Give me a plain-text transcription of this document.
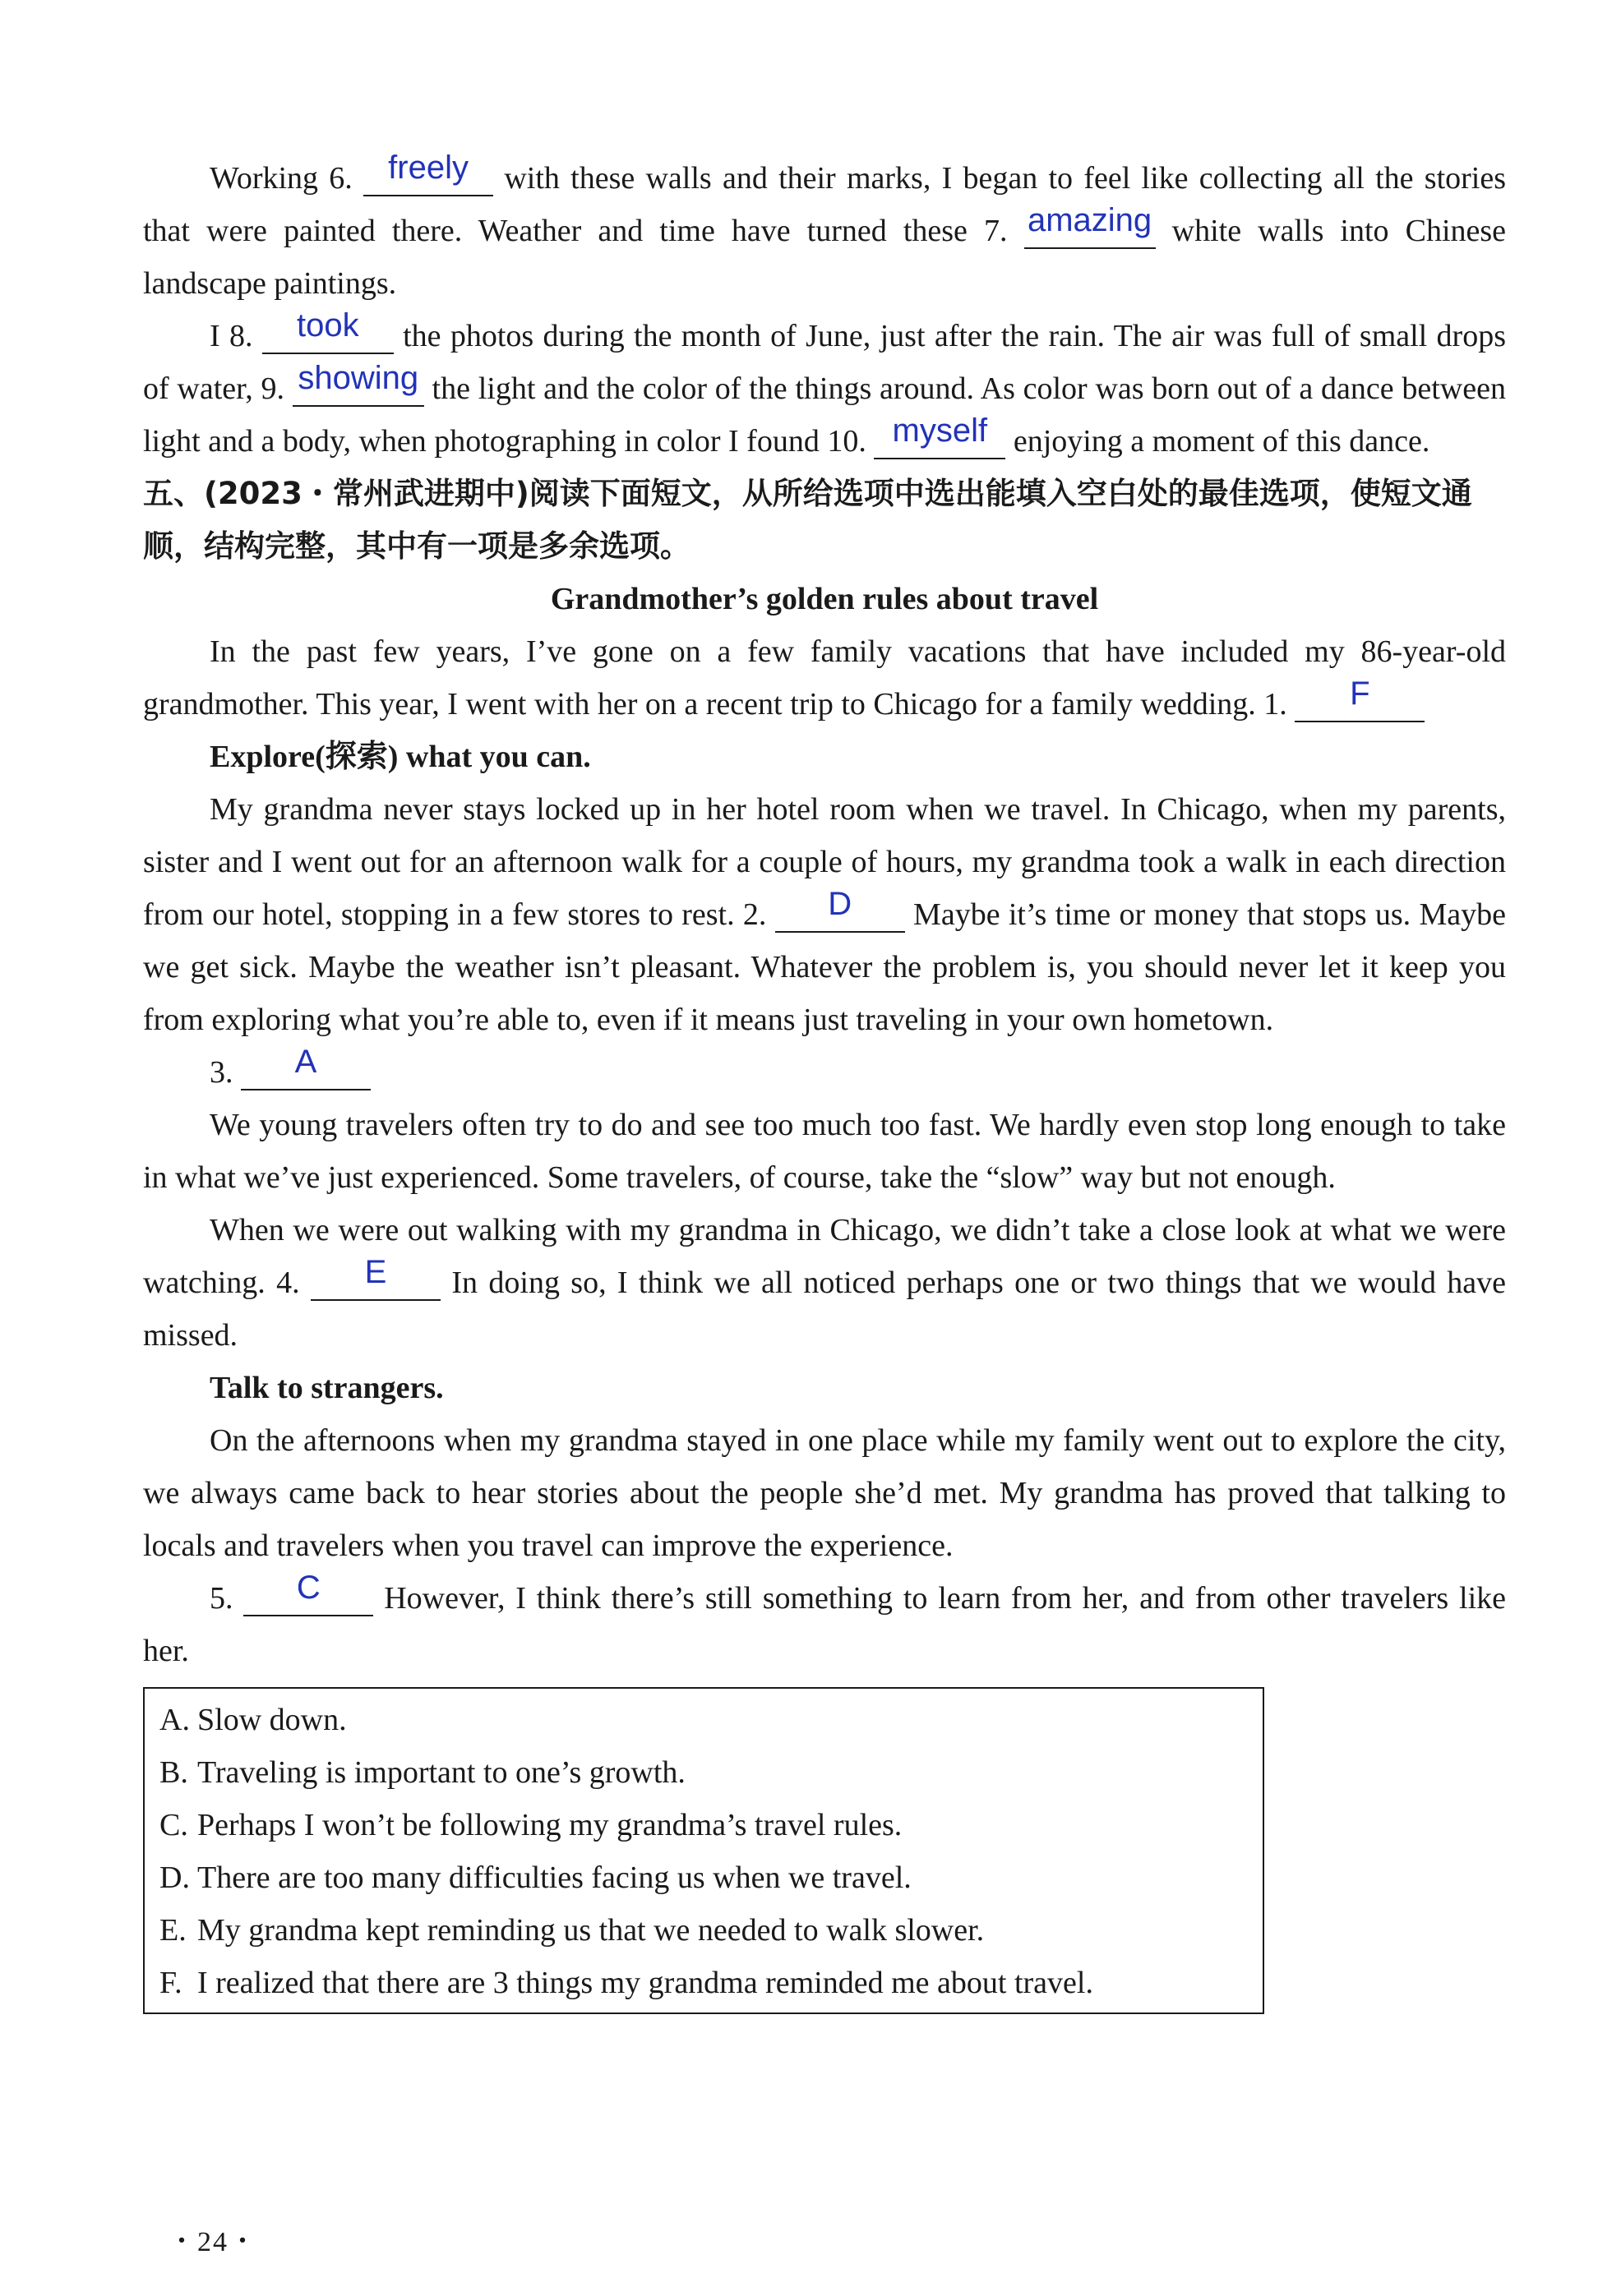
Working 6. freely with these walls and their marks, I began to feel like collecting all the stories that were painted there. Weather and time have turned these 7. amazing white walls into Chinese landscape paintings.

I 8. took the photos during the month of June, just after the rain. The air was full of small drops of water, 9. showing the light and the color of the things around. As color was born out of a dance between light and a body, when photographing in color I found 10. myself enjoying a moment of this dance.

五、(2023・常州武进期中)阅读下面短文，从所给选项中选出能填入空白处的最佳选项，使短文通顺，结构完整，其中有一项是多余选项。

Grandmother’s golden rules about travel

In the past few years, I’ve gone on a few family vacations that have included my 86-year-old grandmother. This year, I went with her on a recent trip to Chicago for a family wedding. 1. F

Explore(探索) what you can.

My grandma never stays locked up in her hotel room when we travel. In Chicago, when my parents, sister and I went out for an afternoon walk for a couple of hours, my grandma took a walk in each direction from our hotel, stopping in a few stores to rest. 2. D Maybe it’s time or money that stops us. Maybe we get sick. Maybe the weather isn’t pleasant. Whatever the problem is, you should never let it keep you from exploring what you’re able to, even if it means just traveling in your own hometown.

3. A

We young travelers often try to do and see too much too fast. We hardly even stop long enough to take in what we’ve just experienced. Some travelers, of course, take the “slow” way but not enough.

When we were out walking with my grandma in Chicago, we didn’t take a close look at what we were watching. 4. E In doing so, I think we all noticed perhaps one or two things that we would have missed.

Talk to strangers.

On the afternoons when my grandma stayed in one place while my family went out to explore the city, we always came back to hear stories about the people she’d met. My grandma has proved that talking to locals and travelers when you travel can improve the experience.

5. C However, I think there’s still something to learn from her, and from other travelers like her.

A. Slow down.
B. Traveling is important to one’s growth.
C. Perhaps I won’t be following my grandma’s travel rules.
D. There are too many difficulties facing us when we travel.
E. My grandma kept reminding us that we needed to walk slower.
F. I realized that there are 3 things my grandma reminded me about travel.
・24・
